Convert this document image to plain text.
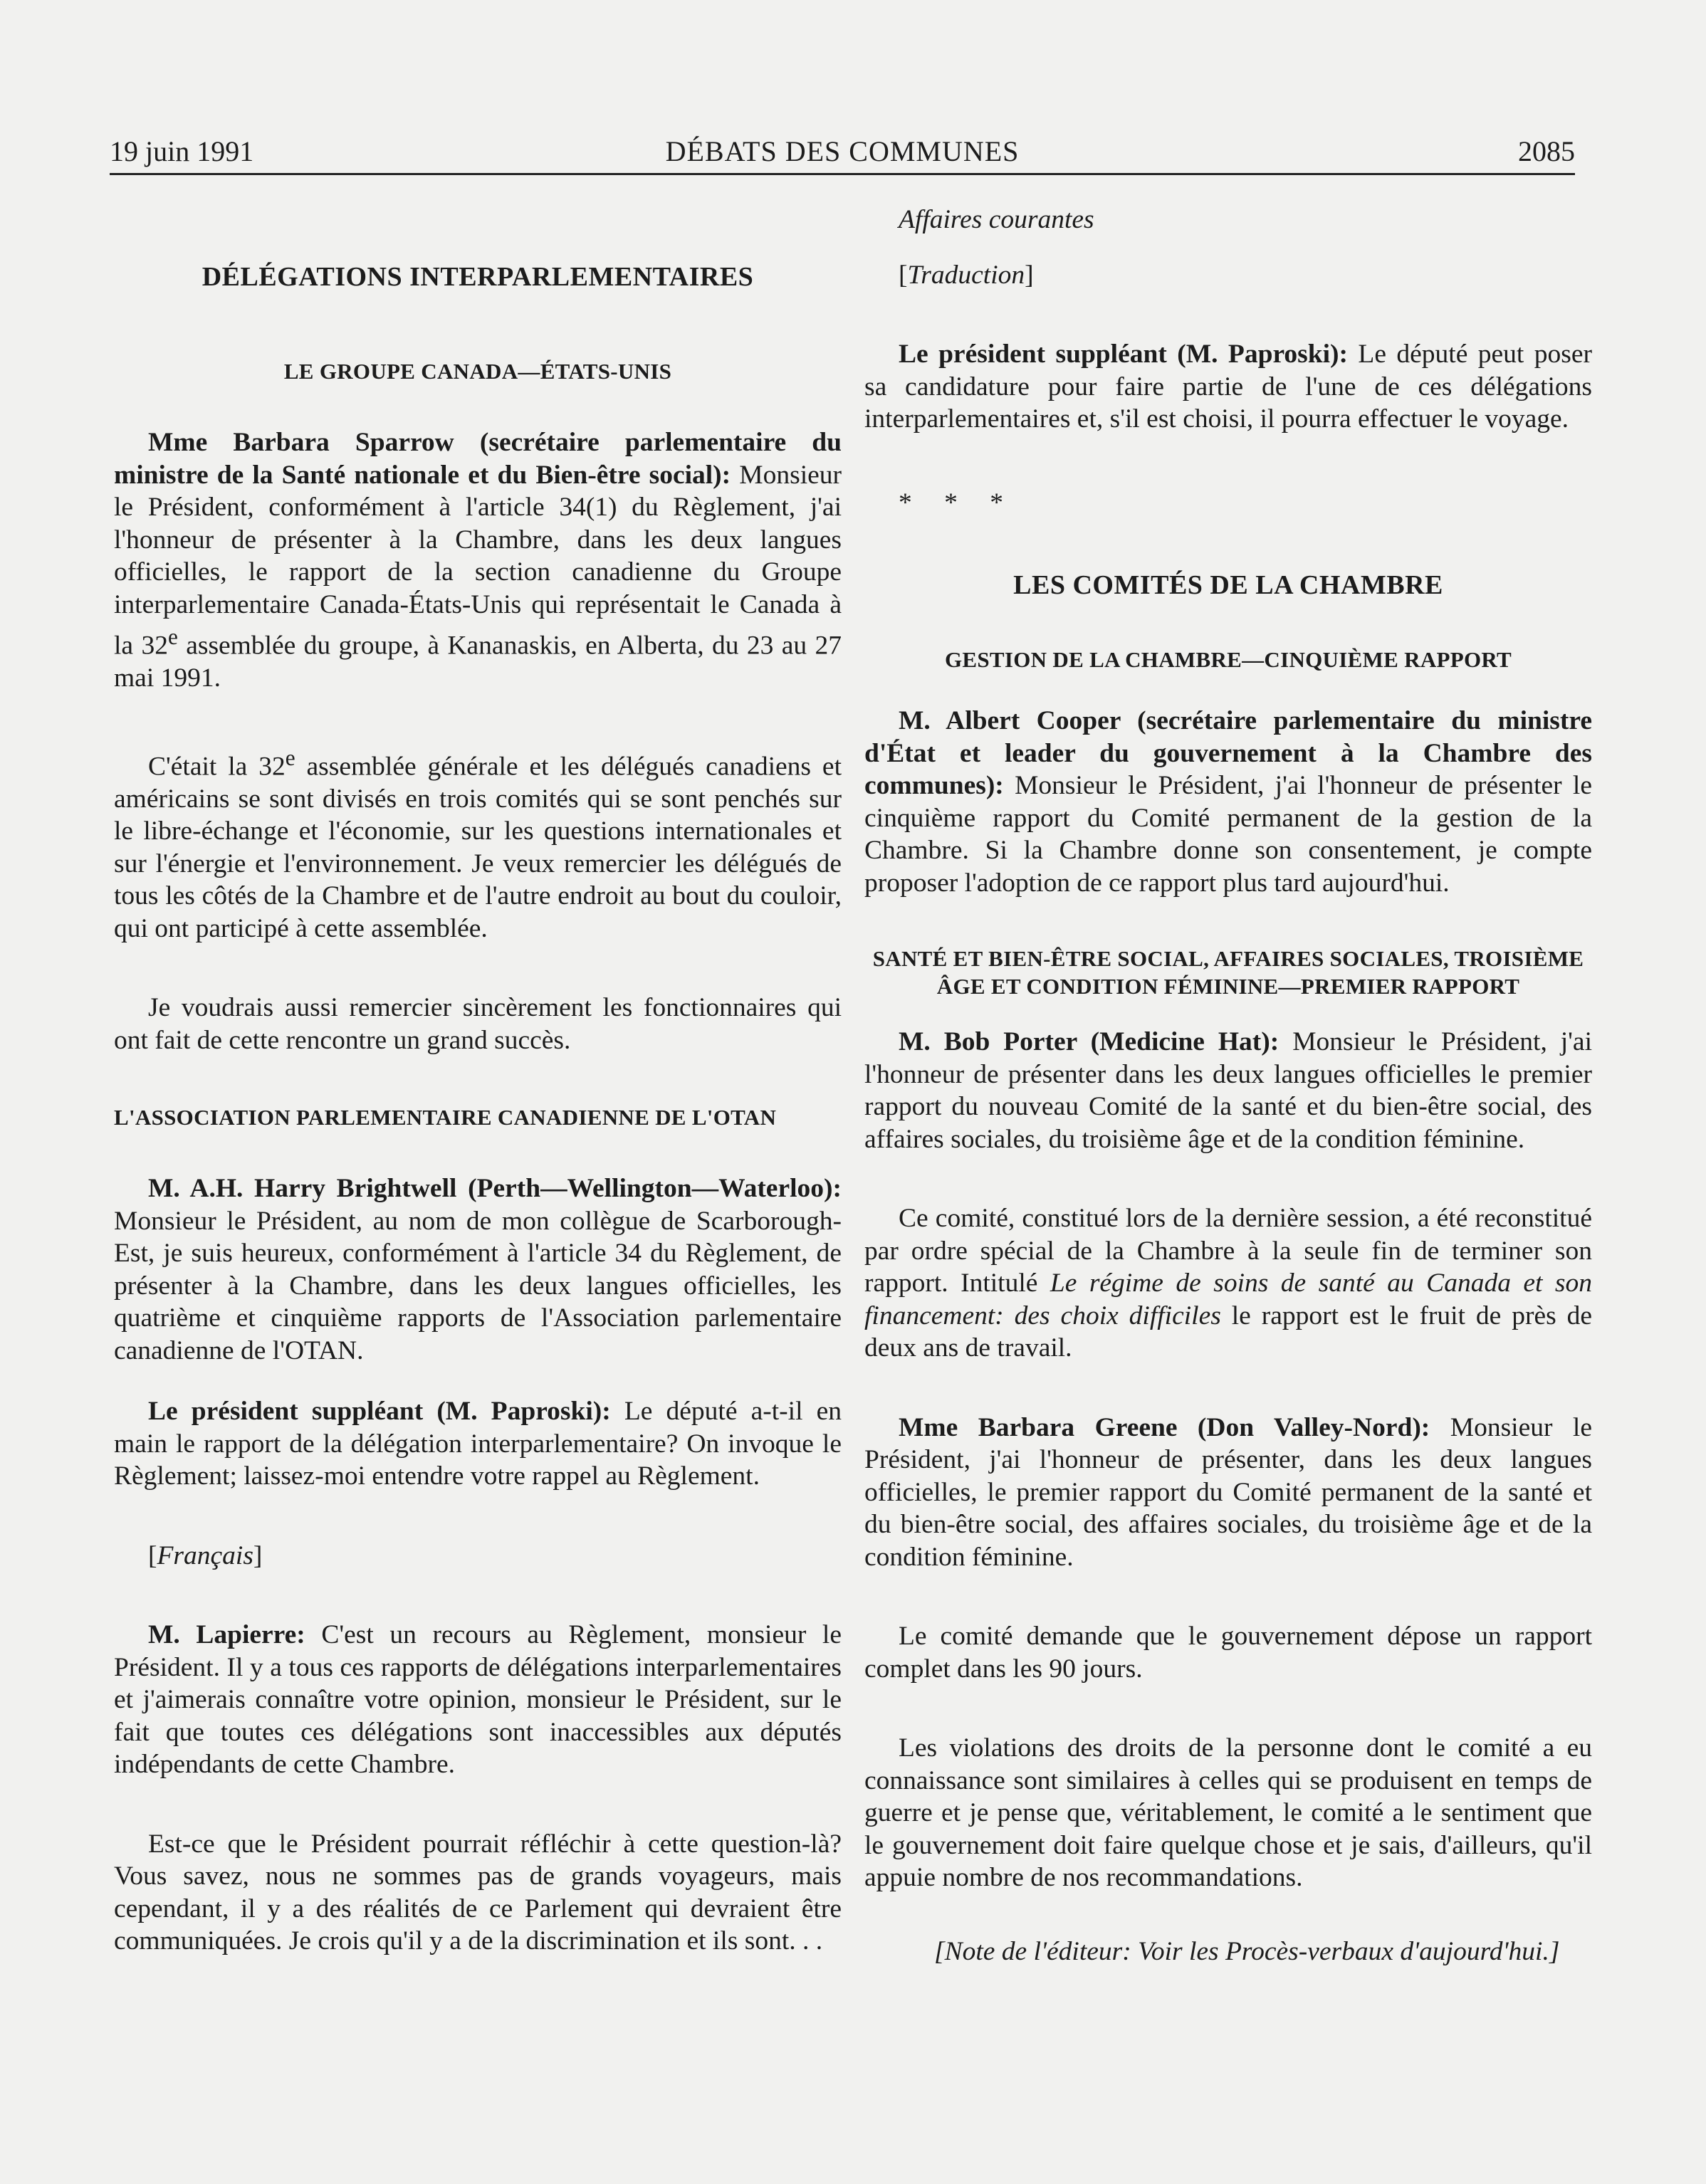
19 juin 1991	DÉBATS DES COMMUNES	2085
DÉLÉGATIONS INTERPARLEMENTAIRES
LE GROUPE CANADA—ÉTATS-UNIS

Mme Barbara Sparrow (secrétaire parlementaire du ministre de la Santé nationale et du Bien-être social): Monsieur le Président, conformément à l'article 34(1) du Règlement, j'ai l'honneur de présenter à la Chambre, dans les deux langues officielles, le rapport de la section canadienne du Groupe interparlementaire Canada-États-Unis qui représentait le Canada à la 32e assemblée du groupe, à Kananaskis, en Alberta, du 23 au 27 mai 1991.

C'était la 32e assemblée générale et les délégués canadiens et américains se sont divisés en trois comités qui se sont penchés sur le libre-échange et l'économie, sur les questions internationales et sur l'énergie et l'environnement. Je veux remercier les délégués de tous les côtés de la Chambre et de l'autre endroit au bout du couloir, qui ont participé à cette assemblée.

Je voudrais aussi remercier sincèrement les fonctionnaires qui ont fait de cette rencontre un grand succès.

L'ASSOCIATION PARLEMENTAIRE CANADIENNE DE L'OTAN

M. A.H. Harry Brightwell (Perth—Wellington—Waterloo): Monsieur le Président, au nom de mon collègue de Scarborough-Est, je suis heureux, conformément à l'article 34 du Règlement, de présenter à la Chambre, dans les deux langues officielles, les quatrième et cinquième rapports de l'Association parlementaire canadienne de l'OTAN.

Le président suppléant (M. Paproski): Le député a-t-il en main le rapport de la délégation interparlementaire? On invoque le Règlement; laissez-moi entendre votre rappel au Règlement.

[Français]

M. Lapierre: C'est un recours au Règlement, monsieur le Président. Il y a tous ces rapports de délégations interparlementaires et j'aimerais connaître votre opinion, monsieur le Président, sur le fait que toutes ces délégations sont inaccessibles aux députés indépendants de cette Chambre.

Est-ce que le Président pourrait réfléchir à cette question-là? Vous savez, nous ne sommes pas de grands voyageurs, mais cependant, il y a des réalités de ce Parlement qui devraient être communiquées. Je crois qu'il y a de la discrimination et ils sont. . .

Affaires courantes

[Traduction]

Le président suppléant (M. Paproski): Le député peut poser sa candidature pour faire partie de l'une de ces délégations interparlementaires et, s'il est choisi, il pourra effectuer le voyage.

* * *

LES COMITÉS DE LA CHAMBRE
GESTION DE LA CHAMBRE—CINQUIÈME RAPPORT

M. Albert Cooper (secrétaire parlementaire du ministre d'État et leader du gouvernement à la Chambre des communes): Monsieur le Président, j'ai l'honneur de présenter le cinquième rapport du Comité permanent de la gestion de la Chambre. Si la Chambre donne son consentement, je compte proposer l'adoption de ce rapport plus tard aujourd'hui.

SANTÉ ET BIEN-ÊTRE SOCIAL, AFFAIRES SOCIALES, TROISIÈME ÂGE ET CONDITION FÉMININE—PREMIER RAPPORT

M. Bob Porter (Medicine Hat): Monsieur le Président, j'ai l'honneur de présenter dans les deux langues officielles le premier rapport du nouveau Comité de la santé et du bien-être social, des affaires sociales, du troisième âge et de la condition féminine.

Ce comité, constitué lors de la dernière session, a été reconstitué par ordre spécial de la Chambre à la seule fin de terminer son rapport. Intitulé Le régime de soins de santé au Canada et son financement: des choix difficiles le rapport est le fruit de près de deux ans de travail.

Mme Barbara Greene (Don Valley-Nord): Monsieur le Président, j'ai l'honneur de présenter, dans les deux langues officielles, le premier rapport du Comité permanent de la santé et du bien-être social, des affaires sociales, du troisième âge et de la condition féminine.

Le comité demande que le gouvernement dépose un rapport complet dans les 90 jours.

Les violations des droits de la personne dont le comité a eu connaissance sont similaires à celles qui se produisent en temps de guerre et je pense que, véritablement, le comité a le sentiment que le gouvernement doit faire quelque chose et je sais, d'ailleurs, qu'il appuie nombre de nos recommandations.

[Note de l'éditeur: Voir les Procès-verbaux d'aujourd'hui.]
